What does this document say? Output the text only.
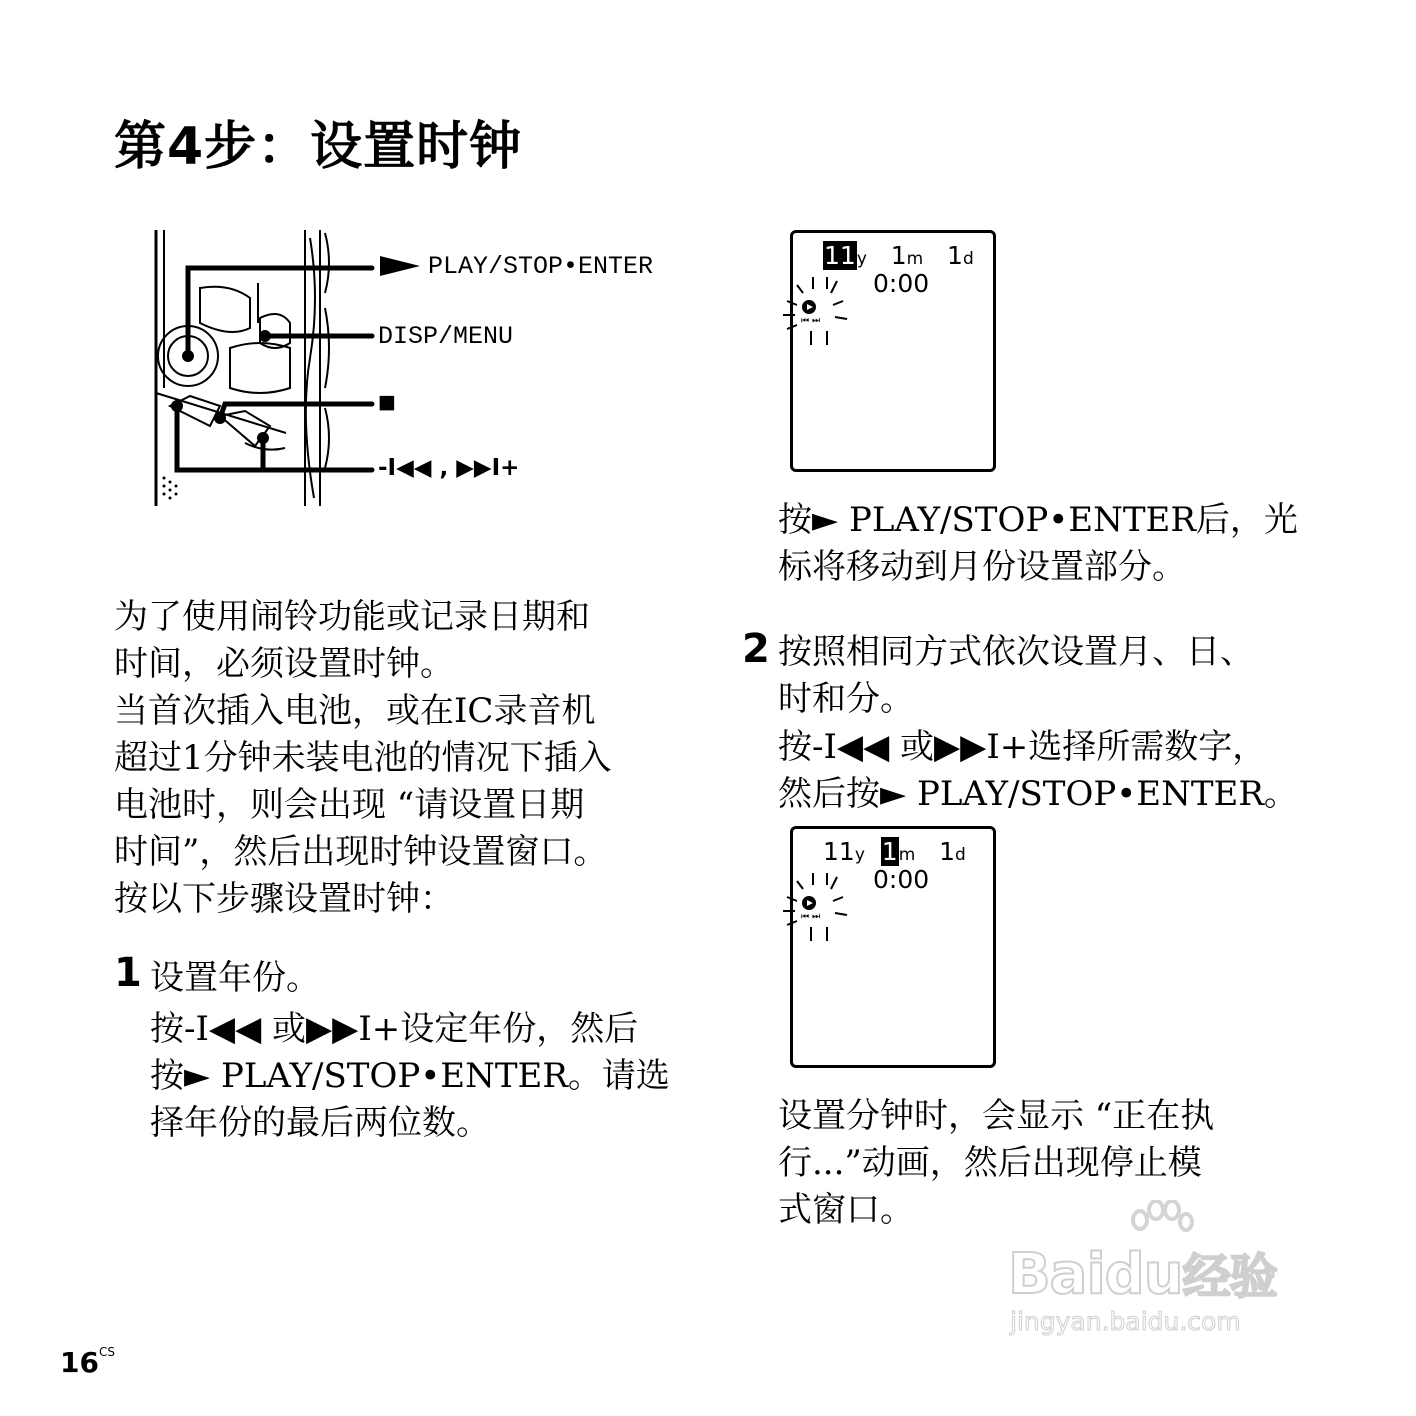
第4步：设置时钟
PLAY/STOP•ENTER
DISP/MENU
■
-I◀◀ , ▶▶I+
为了使用闹铃功能或记录日期和
时间，必须设置时钟。
当首次插入电池，或在IC录音机
超过1分钟未装电池的情况下插入
电池时，则会出现 “请设置日期
时间”，然后出现时钟设置窗口。
按以下步骤设置时钟：
1 设置年份。
按-I◀◀ 或▶▶I+设定年份，然后
按► PLAY/STOP•ENTER。请选
择年份的最后两位数。
11y 1m 1d
0:00
⏮ ⏭
按► PLAY/STOP•ENTER后，光
标将移动到月份设置部分。
2 按照相同方式依次设置月、日、
时和分。
按-I◀◀ 或▶▶I+选择所需数字，
然后按► PLAY/STOP•ENTER。
11y 1m 1d
0:00
⏮ ⏭
设置分钟时，会显示 “正在执
行...”动画，然后出现停止模
式窗口。
$16^{CS}$
Baidu经验
jingyan.baidu.com
